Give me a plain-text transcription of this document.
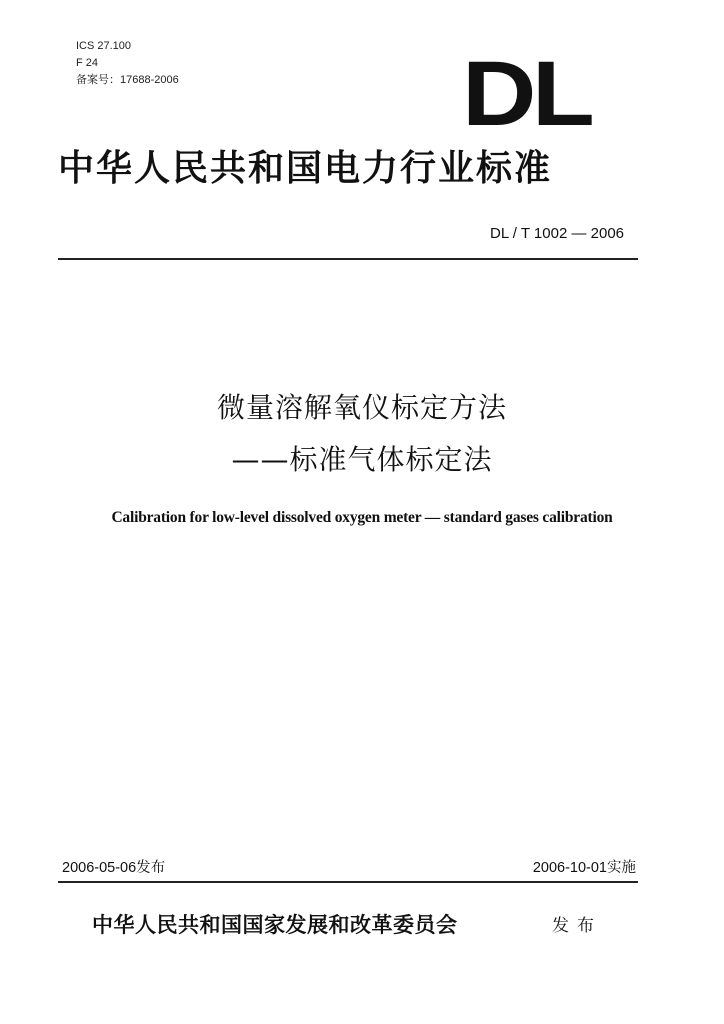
ICS 27.100
F 24
备案号：17688-2006	DL
中华人民共和国电力行业标准
DL / T 1002 — 2006
微量溶解氧仪标定方法
——标准气体标定法
Calibration for low-level dissolved oxygen meter — standard gases calibration
2006-05-06发布	2006-10-01实施
中华人民共和国国家发展和改革委员会	发布
